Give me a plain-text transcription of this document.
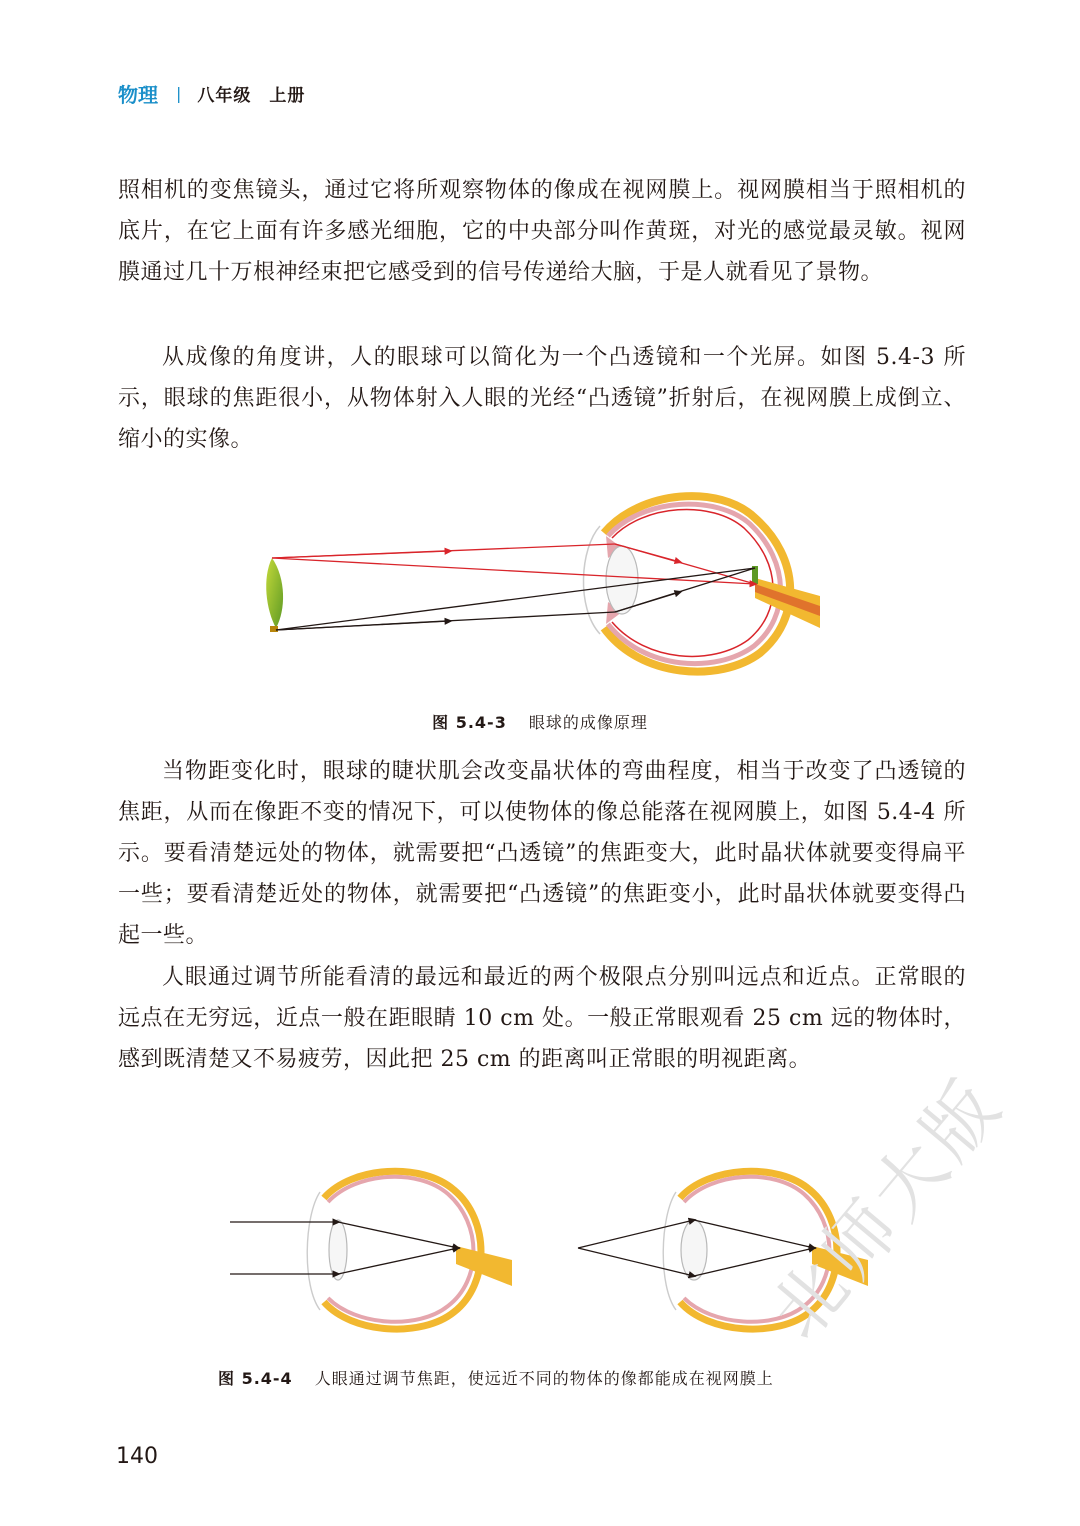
物理 | 八年级　上册

照相机的变焦镜头，通过它将所观察物体的像成在视网膜上。视网膜相当于照相机的底片，在它上面有许多感光细胞，它的中央部分叫作黄斑，对光的感觉最灵敏。视网膜通过几十万根神经束把它感受到的信号传递给大脑，于是人就看见了景物。

从成像的角度讲，人的眼球可以简化为一个凸透镜和一个光屏。如图 5.4-3 所示，眼球的焦距很小，从物体射入人眼的光经“凸透镜”折射后，在视网膜上成倒立、缩小的实像。

图 5.4-3 眼球的成像原理

当物距变化时，眼球的睫状肌会改变晶状体的弯曲程度，相当于改变了凸透镜的焦距，从而在像距不变的情况下，可以使物体的像总能落在视网膜上，如图 5.4-4 所示。要看清楚远处的物体，就需要把“凸透镜”的焦距变大，此时晶状体就要变得扁平一些；要看清楚近处的物体，就需要把“凸透镜”的焦距变小，此时晶状体就要变得凸起一些。

人眼通过调节所能看清的最远和最近的两个极限点分别叫远点和近点。正常眼的远点在无穷远，近点一般在距眼睛 10 cm 处。一般正常眼观看 25 cm 远的物体时，感到既清楚又不易疲劳，因此把 25 cm 的距离叫正常眼的明视距离。

图 5.4-4 人眼通过调节焦距，使远近不同的物体的像都能成在视网膜上
140
北师大版
